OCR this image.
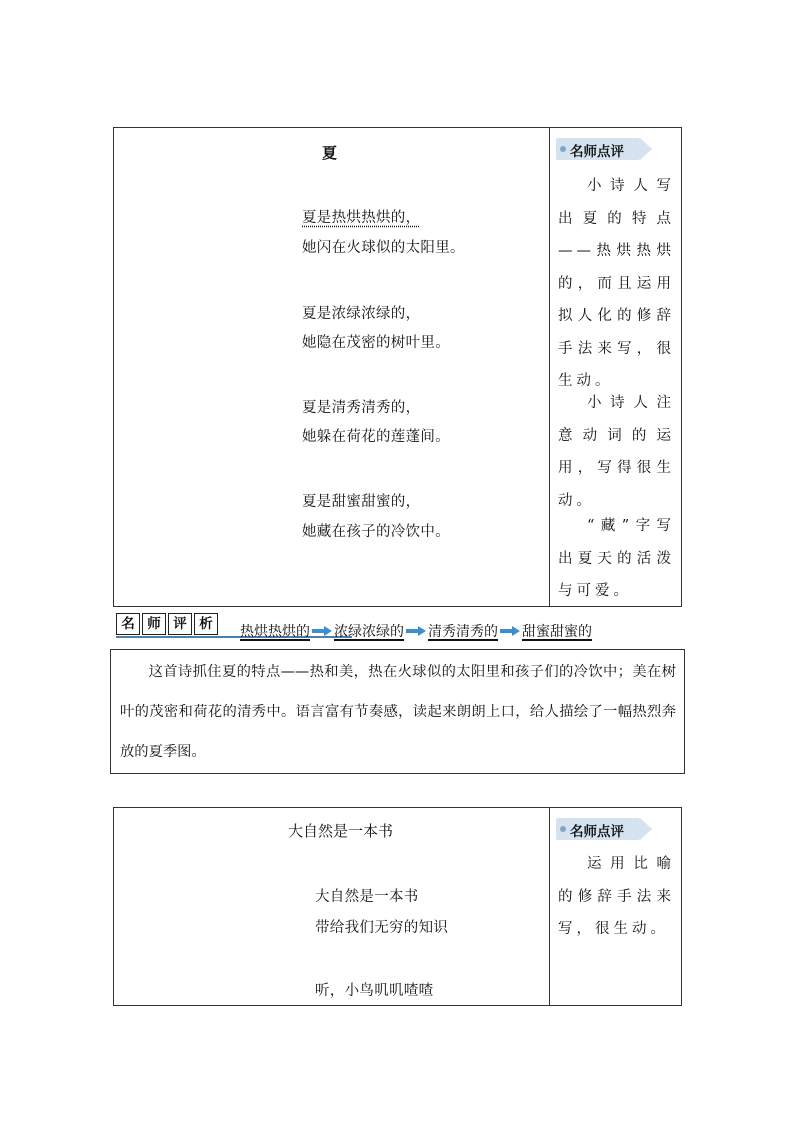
夏
夏是热烘热烘的，
她闪在火球似的太阳里。
夏是浓绿浓绿的，
她隐在茂密的树叶里。
夏是清秀清秀的，
她躲在荷花的莲蓬间。
夏是甜蜜甜蜜的，
她藏在孩子的冷饮中。
名师点评
小诗人写出夏的特点——热烘热烘的，而且运用拟人化的修辞手法来写，很生动。
小诗人注意动词的运用，写得很生动。
“藏”字写出夏天的活泼与可爱。
名 师 评 析	热烘热烘的 浓绿浓绿的 清秀清秀的 甜蜜甜蜜的
这首诗抓住夏的特点——热和美，热在火球似的太阳里和孩子们的冷饮中；美在树叶的茂密和荷花的清秀中。语言富有节奏感，读起来朗朗上口，给人描绘了一幅热烈奔放的夏季图。
大自然是一本书
大自然是一本书
带给我们无穷的知识
听，小鸟叽叽喳喳
名师点评
运用比喻的修辞手法来写，很生动。
